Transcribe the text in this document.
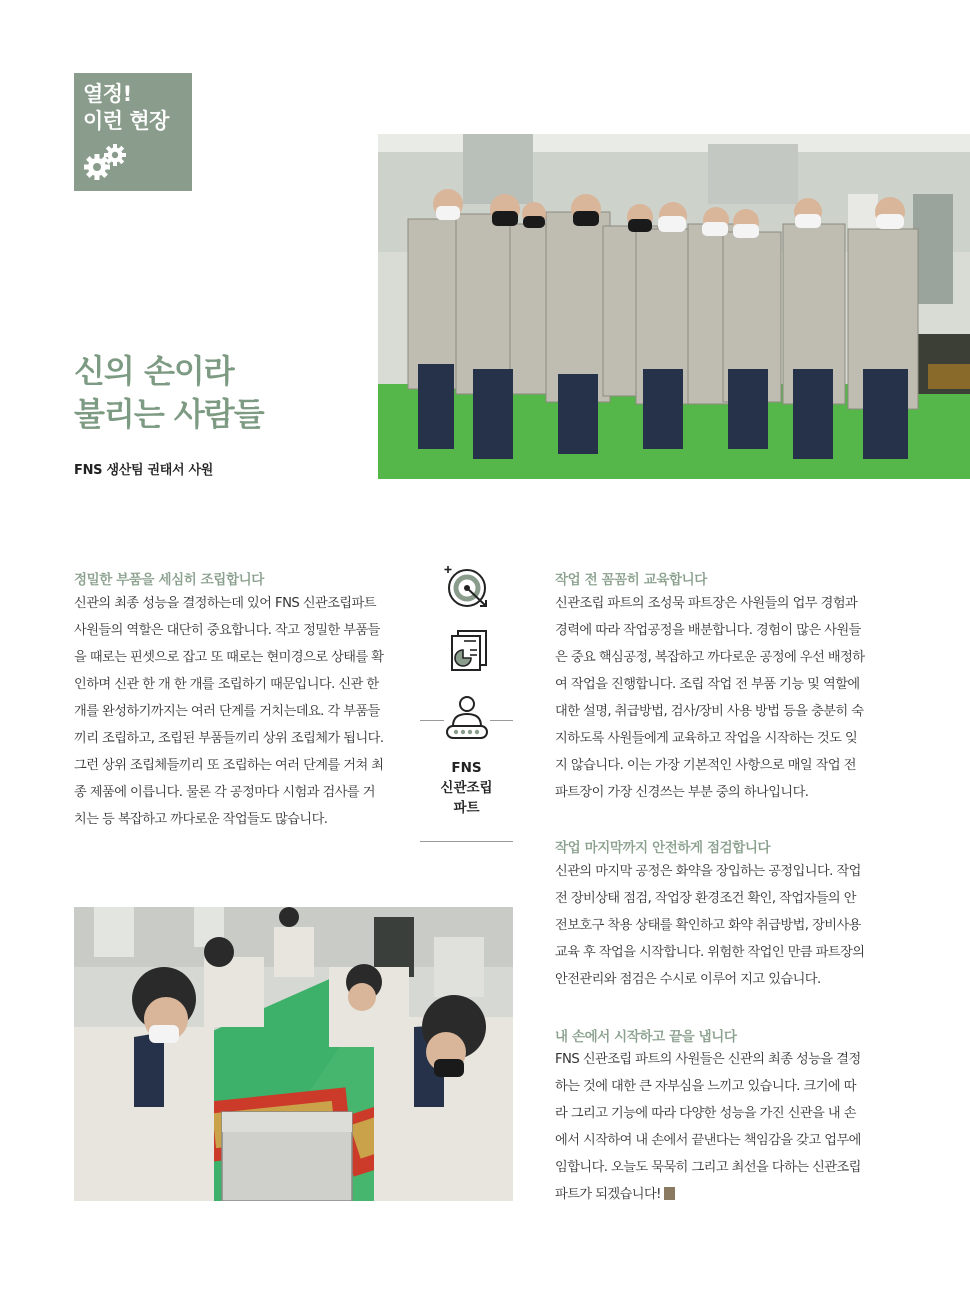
열정!
이런 현장
신의 손이라
불리는 사람들
FNS 생산팀 권태서 사원
정밀한 부품을 세심히 조립합니다
신관의 최종 성능을 결정하는데 있어 FNS 신관조립파트
사원들의 역할은 대단히 중요합니다. 작고 정밀한 부품들
을 때로는 핀셋으로 잡고 또 때로는 현미경으로 상태를 확
인하며 신관 한 개 한 개를 조립하기 때문입니다. 신관 한
개를 완성하기까지는 여러 단계를 거치는데요. 각 부품들
끼리 조립하고, 조립된 부품들끼리 상위 조립체가 됩니다.
그런 상위 조립체들끼리 또 조립하는 여러 단계를 거쳐 최
종 제품에 이릅니다. 물론 각 공정마다 시험과 검사를 거
치는 등 복잡하고 까다로운 작업들도 많습니다.
FNS
신관조립
파트
작업 전 꼼꼼히 교육합니다
신관조립 파트의 조성묵 파트장은 사원들의 업무 경험과
경력에 따라 작업공정을 배분합니다. 경험이 많은 사원들
은 중요 핵심공정, 복잡하고 까다로운 공정에 우선 배정하
여 작업을 진행합니다. 조립 작업 전 부품 기능 및 역할에
대한 설명, 취급방법, 검사/장비 사용 방법 등을 충분히 숙
지하도록 사원들에게 교육하고 작업을 시작하는 것도 잊
지 않습니다. 이는 가장 기본적인 사항으로 매일 작업 전
파트장이 가장 신경쓰는 부분 중의 하나입니다.
작업 마지막까지 안전하게 점검합니다
신관의 마지막 공정은 화약을 장입하는 공정입니다. 작업
전 장비상태 점검, 작업장 환경조건 확인, 작업자들의 안
전보호구 착용 상태를 확인하고 화약 취급방법, 장비사용
교육 후 작업을 시작합니다. 위험한 작업인 만큼 파트장의
안전관리와 점검은 수시로 이루어 지고 있습니다.
내 손에서 시작하고 끝을 냅니다
FNS 신관조립 파트의 사원들은 신관의 최종 성능을 결정
하는 것에 대한 큰 자부심을 느끼고 있습니다. 크기에 따
라 그리고 기능에 따라 다양한 성능을 가진 신관을 내 손
에서 시작하여 내 손에서 끝낸다는 책임감을 갖고 업무에
임합니다. 오늘도 묵묵히 그리고 최선을 다하는 신관조립
파트가 되겠습니다!
